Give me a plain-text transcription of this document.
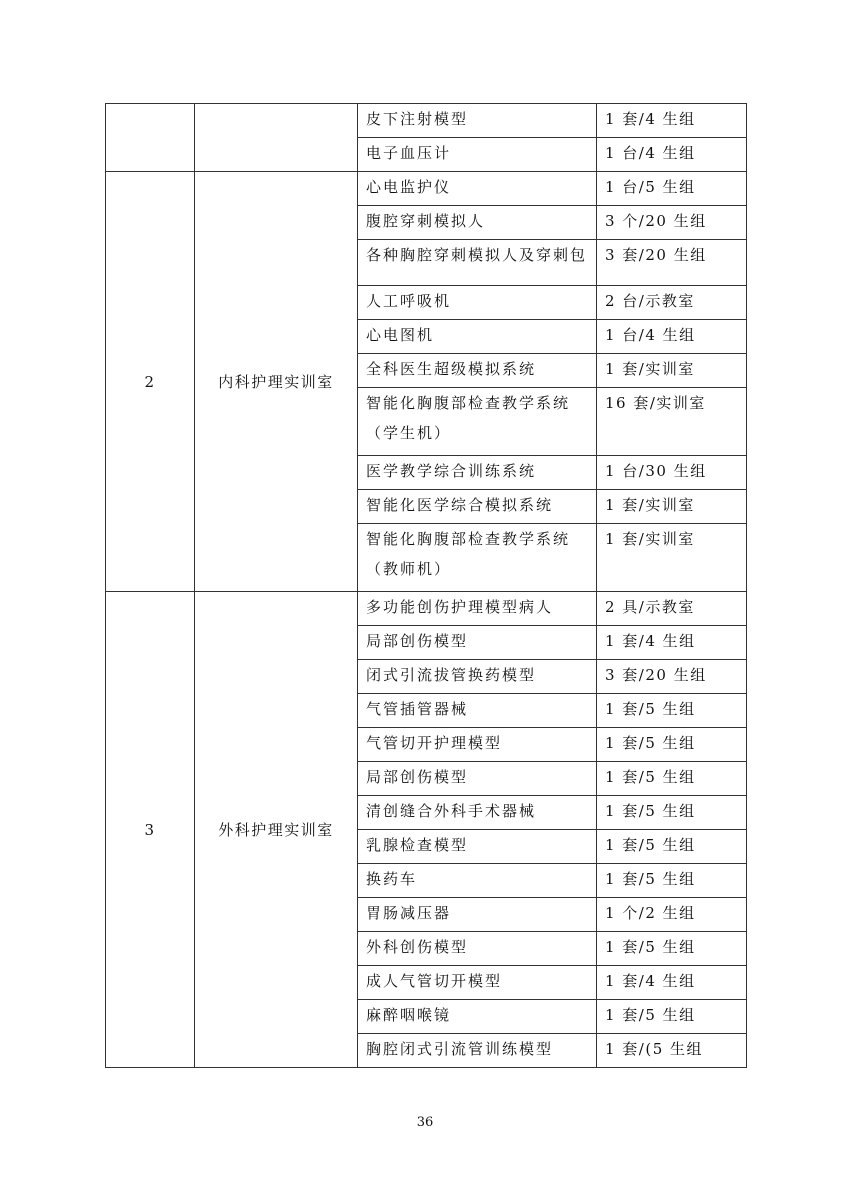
		皮下注射模型	1 套/4 生组
		电子血压计	1 台/4 生组
2	内科护理实训室	心电监护仪	1 台/5 生组
		腹腔穿刺模拟人	3 个/20 生组
		各种胸腔穿刺模拟人及穿刺包	3 套/20 生组
		人工呼吸机	2 台/示教室
		心电图机	1 台/4 生组
		全科医生超级模拟系统	1 套/实训室
		智能化胸腹部检查教学系统（学生机）	16 套/实训室
		医学教学综合训练系统	1 台/30 生组
		智能化医学综合模拟系统	1 套/实训室
		智能化胸腹部检查教学系统（教师机）	1 套/实训室
3	外科护理实训室	多功能创伤护理模型病人	2 具/示教室
		局部创伤模型	1 套/4 生组
		闭式引流拔管换药模型	3 套/20 生组
		气管插管器械	1 套/5 生组
		气管切开护理模型	1 套/5 生组
		局部创伤模型	1 套/5 生组
		清创缝合外科手术器械	1 套/5 生组
		乳腺检查模型	1 套/5 生组
		换药车	1 套/5 生组
		胃肠减压器	1 个/2 生组
		外科创伤模型	1 套/5 生组
		成人气管切开模型	1 套/4 生组
		麻醉咽喉镜	1 套/5 生组
		胸腔闭式引流管训练模型	1 套/(5 生组
36
